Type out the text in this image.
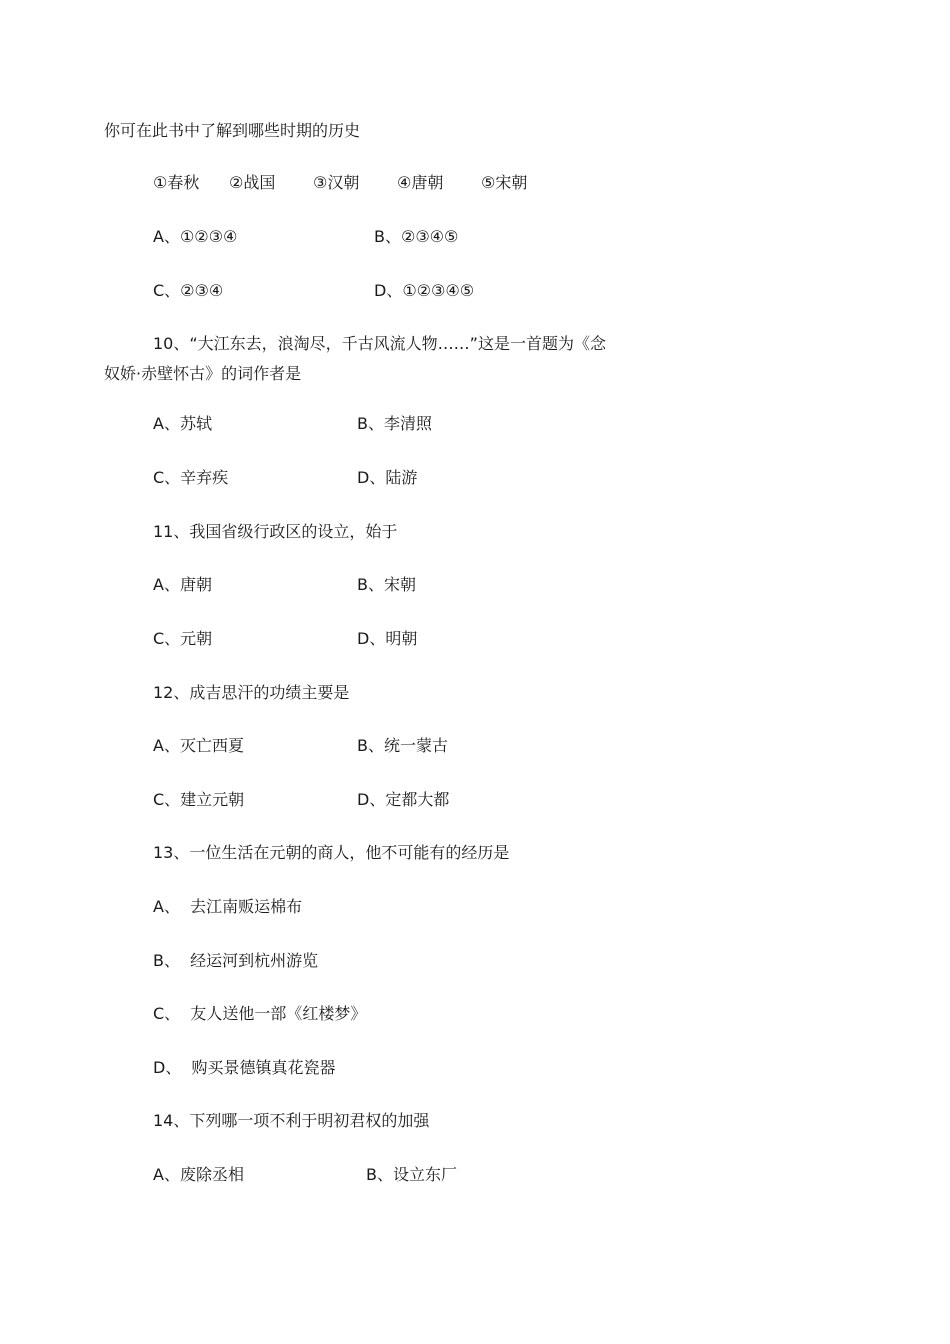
你可在此书中了解到哪些时期的历史
①春秋 ②战国 ③汉朝 ④唐朝 ⑤宋朝
A、①②③④	B、②③④⑤
C、②③④	D、①②③④⑤
10、“大江东去，浪淘尽，千古风流人物……”这是一首题为《念
奴娇·赤壁怀古》的词作者是
A、苏轼	B、李清照
C、辛弃疾	D、陆游
11、我国省级行政区的设立，始于
A、唐朝	B、宋朝
C、元朝	D、明朝
12、成吉思汗的功绩主要是
A、灭亡西夏	B、统一蒙古
C、建立元朝	D、定都大都
13、一位生活在元朝的商人，他不可能有的经历是
A、  去江南贩运棉布
B、  经运河到杭州游览
C、  友人送他一部《红楼梦》
D、  购买景德镇真花瓷器
14、下列哪一项不利于明初君权的加强
A、废除丞相	B、设立东厂
